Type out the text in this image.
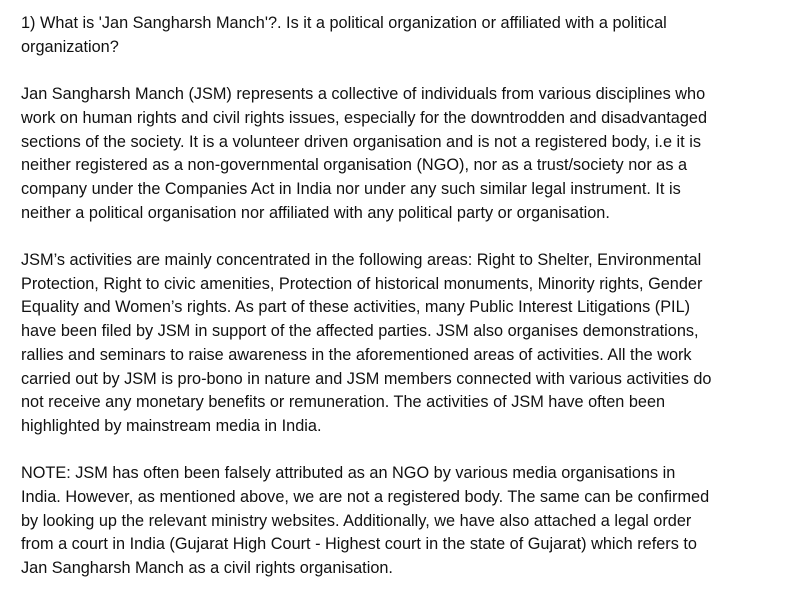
1) What is 'Jan Sangharsh Manch'?. Is it a political organization or affiliated with a political
organization?
Jan Sangharsh Manch (JSM) represents a collective of individuals from various disciplines who
work on human rights and civil rights issues, especially for the downtrodden and disadvantaged
sections of the society. It is a volunteer driven organisation and is not a registered body, i.e it is
neither registered as a non-governmental organisation (NGO), nor as a trust/society nor as a
company under the Companies Act in India nor under any such similar legal instrument. It is
neither a political organisation nor affiliated with any political party or organisation.
JSM’s activities are mainly concentrated in the following areas: Right to Shelter, Environmental
Protection, Right to civic amenities, Protection of historical monuments, Minority rights, Gender
Equality and Women’s rights. As part of these activities, many Public Interest Litigations (PIL)
have been filed by JSM in support of the affected parties. JSM also organises demonstrations,
rallies and seminars to raise awareness in the aforementioned areas of activities. All the work
carried out by JSM is pro-bono in nature and JSM members connected with various activities do
not receive any monetary benefits or remuneration. The activities of JSM have often been
highlighted by mainstream media in India.
NOTE: JSM has often been falsely attributed as an NGO by various media organisations in
India. However, as mentioned above, we are not a registered body. The same can be confirmed
by looking up the relevant ministry websites. Additionally, we have also attached a legal order
from a court in India (Gujarat High Court - Highest court in the state of Gujarat) which refers to
Jan Sangharsh Manch as a civil rights organisation.
